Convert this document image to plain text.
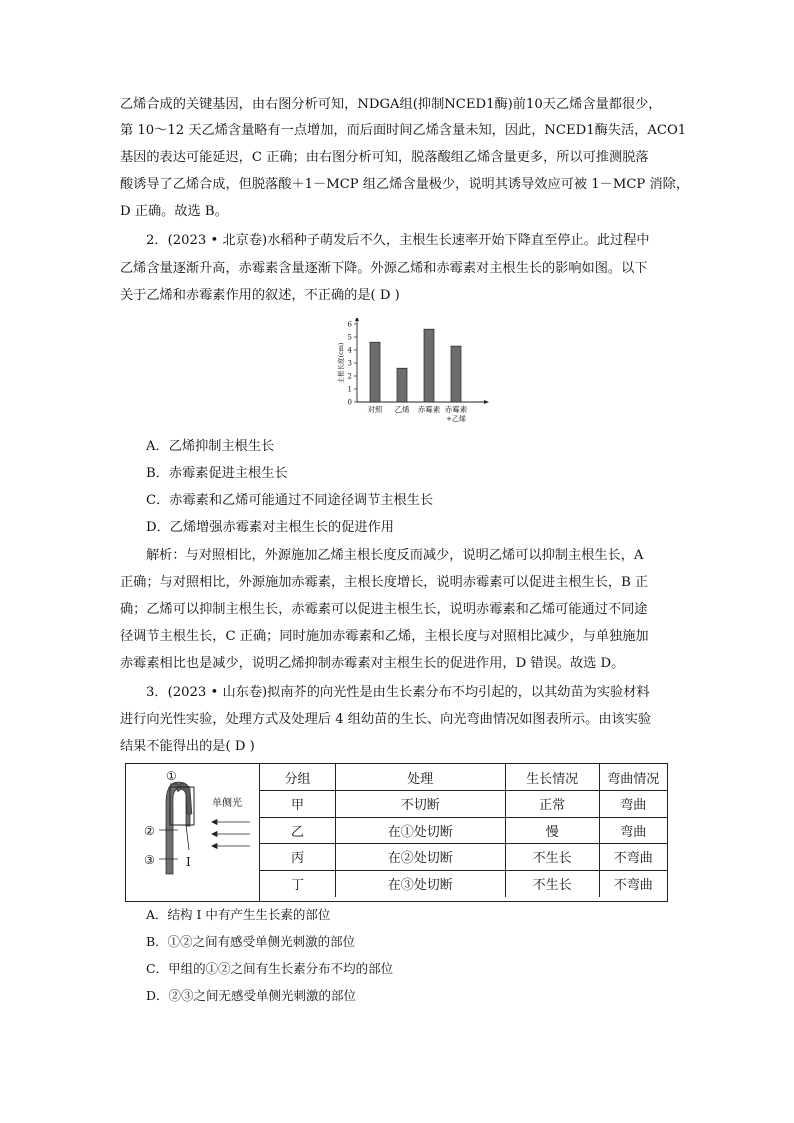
乙烯合成的关键基因，由右图分析可知，NDGA组(抑制NCED1酶)前10天乙烯含量都很少，
第 10～12 天乙烯含量略有一点增加，而后面时间乙烯含量未知，因此，NCED1酶失活，ACO1
基因的表达可能延迟，C 正确；由右图分析可知，脱落酸组乙烯含量更多，所以可推测脱落
酸诱导了乙烯合成，但脱落酸＋1－MCP 组乙烯含量极少，说明其诱导效应可被 1－MCP 消除，
D 正确。故选 B。
2．(2023 • 北京卷)水稻种子萌发后不久，主根生长速率开始下降直至停止。此过程中
乙烯含量逐渐升高，赤霉素含量逐渐下降。外源乙烯和赤霉素对主根生长的影响如图。以下
关于乙烯和赤霉素作用的叙述，不正确的是( D )
主根长度(cm)
0
1
2
3
4
5
6
对照 乙烯 赤霉素 赤霉素
+乙烯
A．乙烯抑制主根生长
B．赤霉素促进主根生长
C．赤霉素和乙烯可能通过不同途径调节主根生长
D．乙烯增强赤霉素对主根生长的促进作用
解析：与对照相比，外源施加乙烯主根长度反而减少，说明乙烯可以抑制主根生长，A
正确；与对照相比，外源施加赤霉素，主根长度增长，说明赤霉素可以促进主根生长，B 正
确；乙烯可以抑制主根生长，赤霉素可以促进主根生长，说明赤霉素和乙烯可能通过不同途
径调节主根生长，C 正确；同时施加赤霉素和乙烯，主根长度与对照相比减少，与单独施加
赤霉素相比也是减少，说明乙烯抑制赤霉素对主根生长的促进作用，D 错误。故选 D。
3．(2023 • 山东卷)拟南芥的向光性是由生长素分布不均引起的，以其幼苗为实验材料
进行向光性实验，处理方式及处理后 4 组幼苗的生长、向光弯曲情况如图表所示。由该实验
结果不能得出的是( D )
①
②
③	I
单侧光
分组	处理	生长情况	弯曲情况
甲	不切断	正常	弯曲
乙	在①处切断	慢	弯曲
丙	在②处切断	不生长	不弯曲
丁	在③处切断	不生长	不弯曲
A．结构 I 中有产生生长素的部位
B．①②之间有感受单侧光刺激的部位
C．甲组的①②之间有生长素分布不均的部位
D．②③之间无感受单侧光刺激的部位
